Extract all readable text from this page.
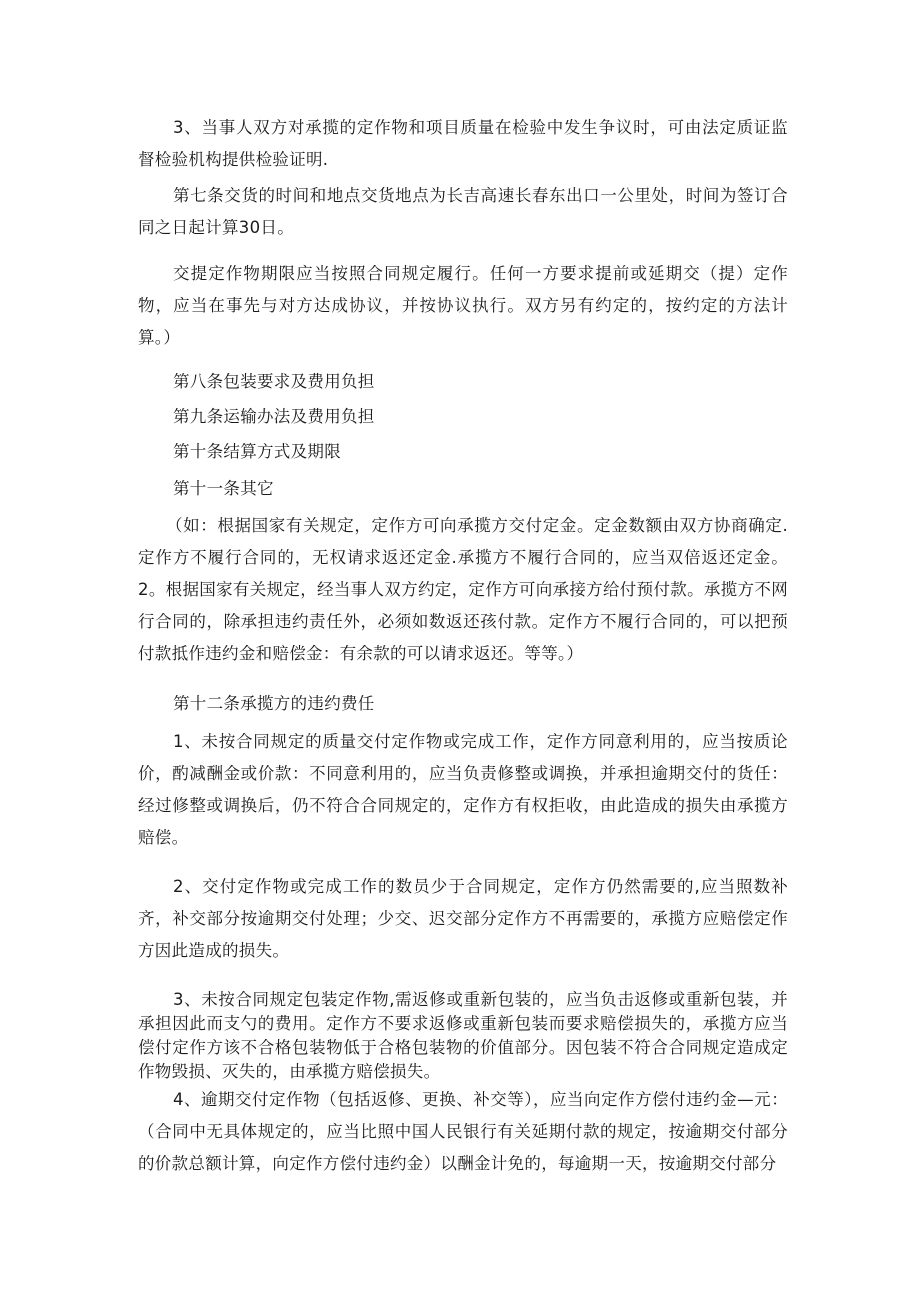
3、当事人双方对承揽的定作物和项目质量在检验中发生争议时，可由法定质证监督检验机构提供检验证明.

第七条交货的时间和地点交货地点为长吉高速长春东出口一公里处，时间为签订合同之日起计算30日。

交提定作物期限应当按照合同规定履行。任何一方要求提前或延期交（提）定作物，应当在事先与对方达成协议，并按协议执行。双方另有约定的，按约定的方法计算。）

第八条包装要求及费用负担

第九条运输办法及费用负担

第十条结算方式及期限

第十一条其它

（如：根据国家有关规定，定作方可向承揽方交付定金。定金数额由双方协商确定.定作方不履行合同的，无权请求返还定金.承揽方不履行合同的，应当双倍返还定金。2。根据国家有关规定，经当事人双方约定，定作方可向承接方给付预付款。承揽方不网行合同的，除承担违约责任外，必须如数返还孩付款。定作方不履行合同的，可以把预付款抵作违约金和赔偿金：有余款的可以请求返还。等等。）

第十二条承揽方的违约费任

1、未按合同规定的质量交付定作物或完成工作，定作方同意利用的，应当按质论价，酌减酬金或价款：不同意利用的，应当负责修整或调换，并承担逾期交付的货任：经过修整或调换后，仍不符合合同规定的，定作方有权拒收，由此造成的损失由承揽方赔偿。

2、交付定作物或完成工作的数员少于合同规定，定作方仍然需要的,应当照数补齐，补交部分按逾期交付处理；少交、迟交部分定作方不再需要的，承揽方应赔偿定作方因此造成的损失。

3、未按合同规定包装定作物,需返修或重新包装的，应当负击返修或重新包装，并承担因此而支勺的费用。定作方不要求返修或重新包装而要求赔偿损失的，承揽方应当偿付定作方该不合格包装物低于合格包装物的价值部分。因包装不符合合同规定造成定作物毁损、灭失的，由承揽方赔偿损失。

4、逾期交付定作物（包括返修、更换、补交等），应当向定作方偿付违约金—元：（合同中无具体规定的，应当比照中国人民银行有关延期付款的规定，按逾期交付部分的价款总额计算，向定作方偿付违约金）以酬金计免的，每逾期一天，按逾期交付部分
